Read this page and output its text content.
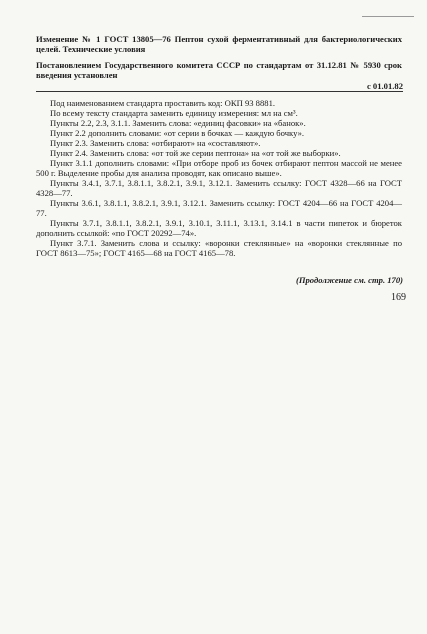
Изменение № 1 ГОСТ 13805—76 Пептон сухой ферментативный для бактериологических целей. Технические условия
Постановлением Государственного комитета СССР по стандартам от 31.12.81 № 5930 срок введения установлен
с 01.01.82

Под наименованием стандарта проставить код: ОКП 93 8881.

По всему тексту стандарта заменить единицу измерения: мл на см³.

Пункты 2.2, 2.3, 3.1.1. Заменить слова: «единиц фасовки» на «банок».

Пункт 2.2 дополнить словами: «от серии в бочках — каждую бочку».

Пункт 2.3. Заменить слова: «отбирают» на «составляют».

Пункт 2.4. Заменить слова: «от той же серии пептона» на «от той же выборки».

Пункт 3.1.1 дополнить словами: «При отборе проб из бочек отбирают пептон массой не менее 500 г. Выделение пробы для анализа проводят, как описано выше».

Пункты 3.4.1, 3.7.1, 3.8.1.1, 3.8.2.1, 3.9.1, 3.12.1. Заменить ссылку: ГОСТ 4328—66 на ГОСТ 4328—77.

Пункты 3.6.1, 3.8.1.1, 3.8.2.1, 3.9.1, 3.12.1. Заменить ссылку: ГОСТ 4204—66 на ГОСТ 4204—77.

Пункты 3.7.1, 3.8.1.1, 3.8.2.1, 3.9.1, 3.10.1, 3.11.1, 3.13.1, 3.14.1 в части пипеток и бюреток дополнить ссылкой: «по ГОСТ 20292—74».

Пункт 3.7.1. Заменить слова и ссылку: «воронки стеклянные» на «воронки стеклянные по ГОСТ 8613—75»; ГОСТ 4165—68 на ГОСТ 4165—78.

(Продолжение см. стр. 170)
169
